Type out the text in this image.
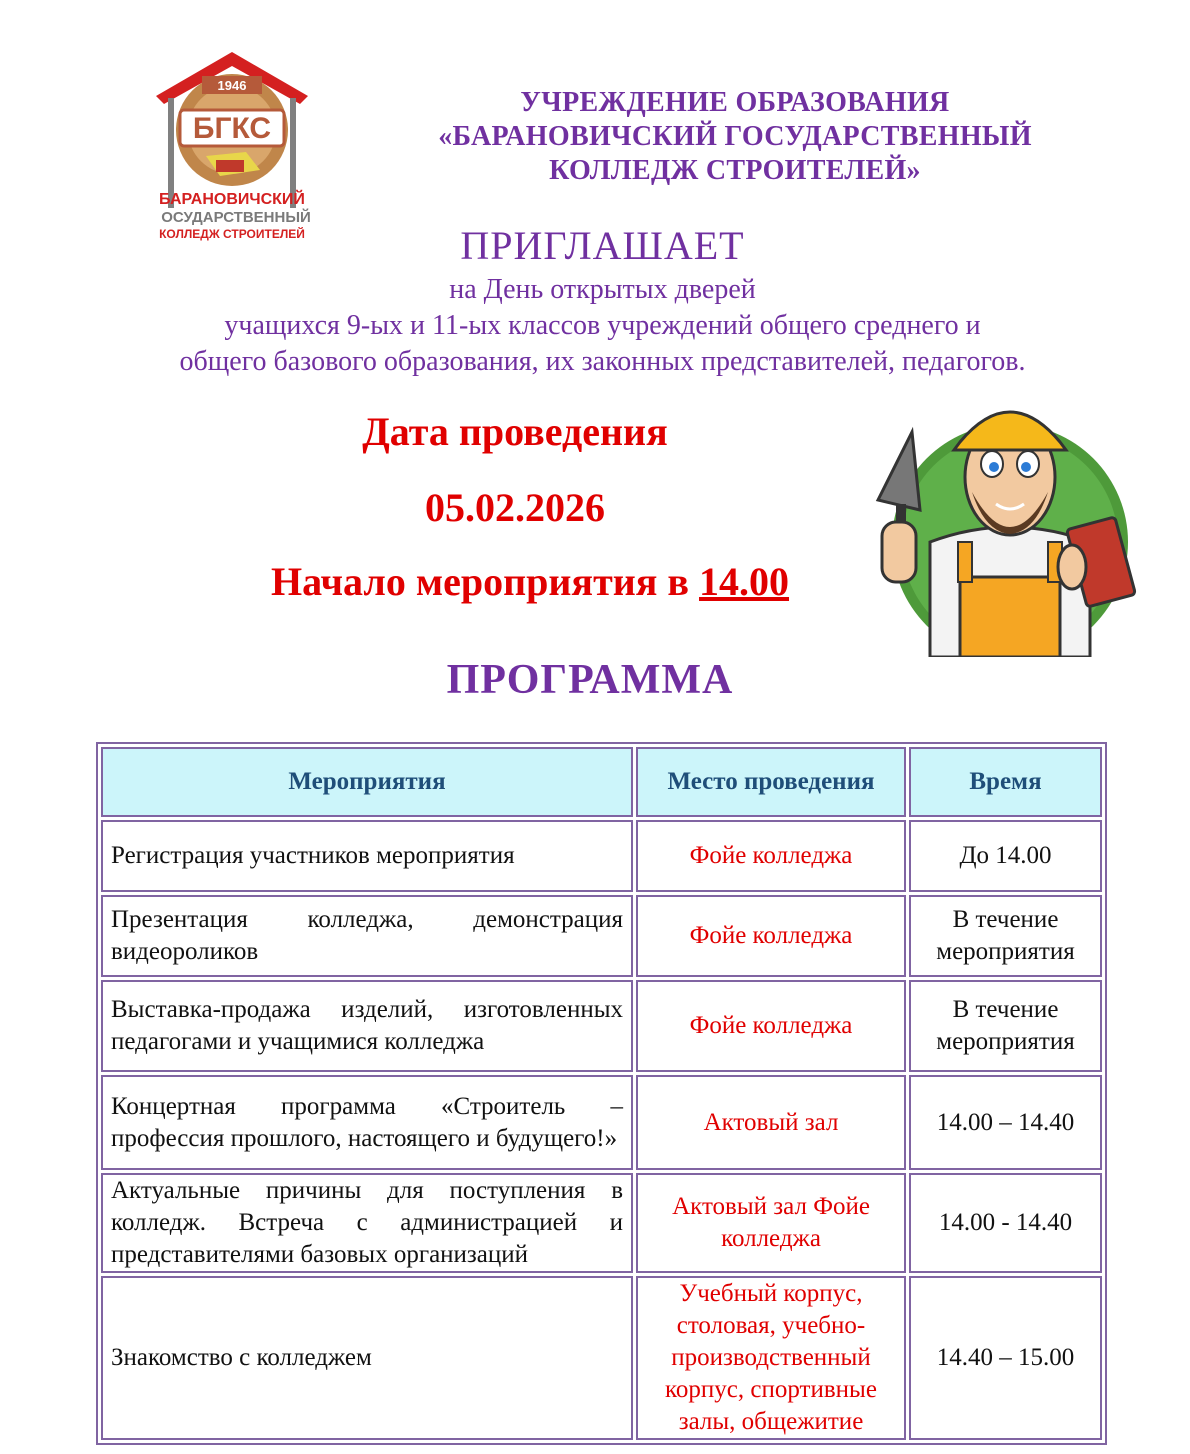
1946
БГКС
БАРАНОВИЧСКИЙ
ОСУДАРСТВЕННЫЙ
КОЛЛЕДЖ СТРОИТЕЛЕЙ
УЧРЕЖДЕНИЕ ОБРАЗОВАНИЯ
«БАРАНОВИЧСКИЙ ГОСУДАРСТВЕННЫЙ
КОЛЛЕДЖ СТРОИТЕЛЕЙ»
ПРИГЛАШАЕТ
на День открытых дверей
учащихся 9-ых и 11-ых классов учреждений общего среднего и
общего базового образования, их законных представителей, педагогов.
Дата проведения
05.02.2026
Начало мероприятия в 14.00
ПРОГРАММА
Мероприятия	Место проведения	Время
Регистрация участников мероприятия	Фойе колледжа	До 14.00
Презентация колледжа, демонстрация видеороликов	Фойе колледжа	В течение мероприятия
Выставка-продажа изделий, изготовленных педагогами и учащимися колледжа	Фойе колледжа	В течение мероприятия
Концертная программа «Строитель – профессия прошлого, настоящего и будущего!»	Актовый зал	14.00 – 14.40
Актуальные причины для поступления в колледж. Встреча с администрацией и представителями базовых организаций	Актовый зал Фойе колледжа	14.00 - 14.40
Знакомство с колледжем	Учебный корпус, столовая, учебно-производственный корпус, спортивные залы, общежитие	14.40 – 15.00
